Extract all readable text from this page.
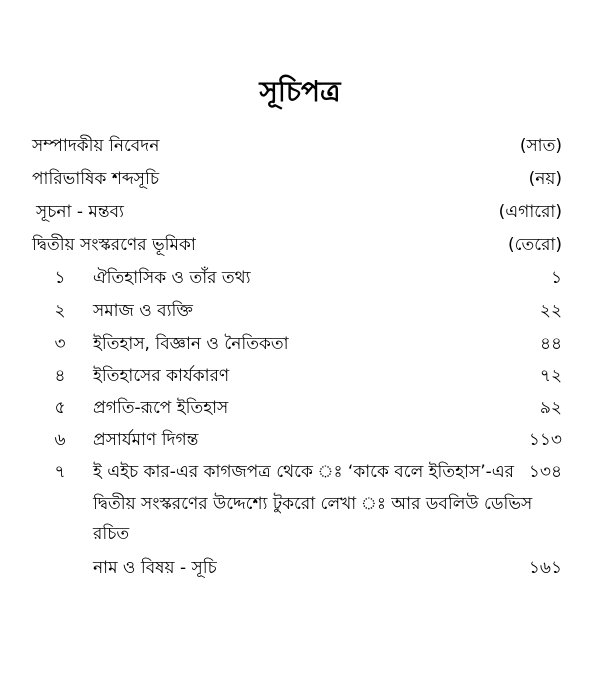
সূচিপত্র
সম্পাদকীয় নিবেদন	(সাত)
পারিভাষিক শব্দসূচি	(নয়)
সূচনা - মন্তব্য	(এগারো)
দ্বিতীয় সংস্করণের ভূমিকা	(তেরো)
১ ঐতিহাসিক ও তাঁর তথ্য	১
২ সমাজ ও ব্যক্তি	২২
৩ ইতিহাস, বিজ্ঞান ও নৈতিকতা	৪৪
৪ ইতিহাসের কার্যকারণ	৭২
৫ প্রগতি-রূপে ইতিহাস	৯২
৬ প্রসার্যমাণ দিগন্ত	১১৩
৭ ই এইচ কার-এর কাগজপত্র থেকে ঃ ‘কাকে বলে ইতিহাস’-এর ১৩৪
দ্বিতীয় সংস্করণের উদ্দেশ্যে টুকরো লেখা ঃ আর ডবলিউ ডেভিস
রচিত
নাম ও বিষয় - সূচি	১৬১
